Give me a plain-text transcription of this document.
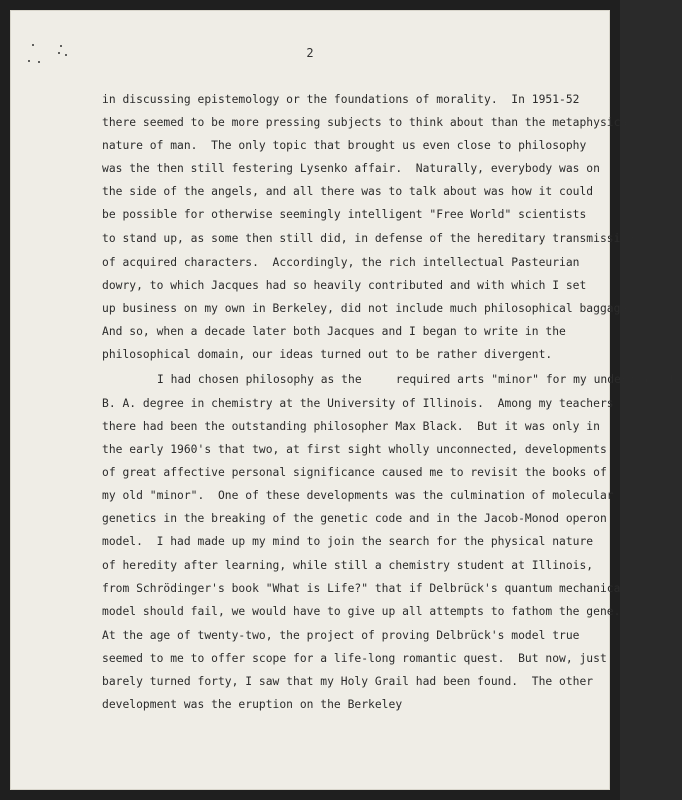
2
in discussing epistemology or the foundations of morality.  In 1951-52
there seemed to be more pressing subjects to think about than the metaphysical
nature of man.  The only topic that brought us even close to philosophy
was the then still festering Lysenko affair.  Naturally, everybody was on
the side of the angels, and all there was to talk about was how it could
be possible for otherwise seemingly intelligent "Free World" scientists
to stand up, as some then still did, in defense of the hereditary transmission
of acquired characters.  Accordingly, the rich intellectual Pasteurian
dowry, to which Jacques had so heavily contributed and with which I set
up business on my own in Berkeley, did not include much philosophical baggage.
And so, when a decade later both Jacques and I began to write in the
philosophical domain, our ideas turned out to be rather divergent.
I had chosen philosophy as the     required arts "minor" for my undergraduate
B. A. degree in chemistry at the University of Illinois.  Among my teachers
there had been the outstanding philosopher Max Black.  But it was only in
the early 1960's that two, at first sight wholly unconnected, developments
of great affective personal significance caused me to revisit the books of
my old "minor".  One of these developments was the culmination of molecular
genetics in the breaking of the genetic code and in the Jacob-Monod operon
model.  I had made up my mind to join the search for the physical nature
of heredity after learning, while still a chemistry student at Illinois,
from Schrödinger's book "What is Life?" that if Delbrück's quantum mechanical
model should fail, we would have to give up all attempts to fathom the gene.
At the age of twenty-two, the project of proving Delbrück's model true
seemed to me to offer scope for a life-long romantic quest.  But now, just
barely turned forty, I saw that my Holy Grail had been found.  The other
development was the eruption on the Berkeley
